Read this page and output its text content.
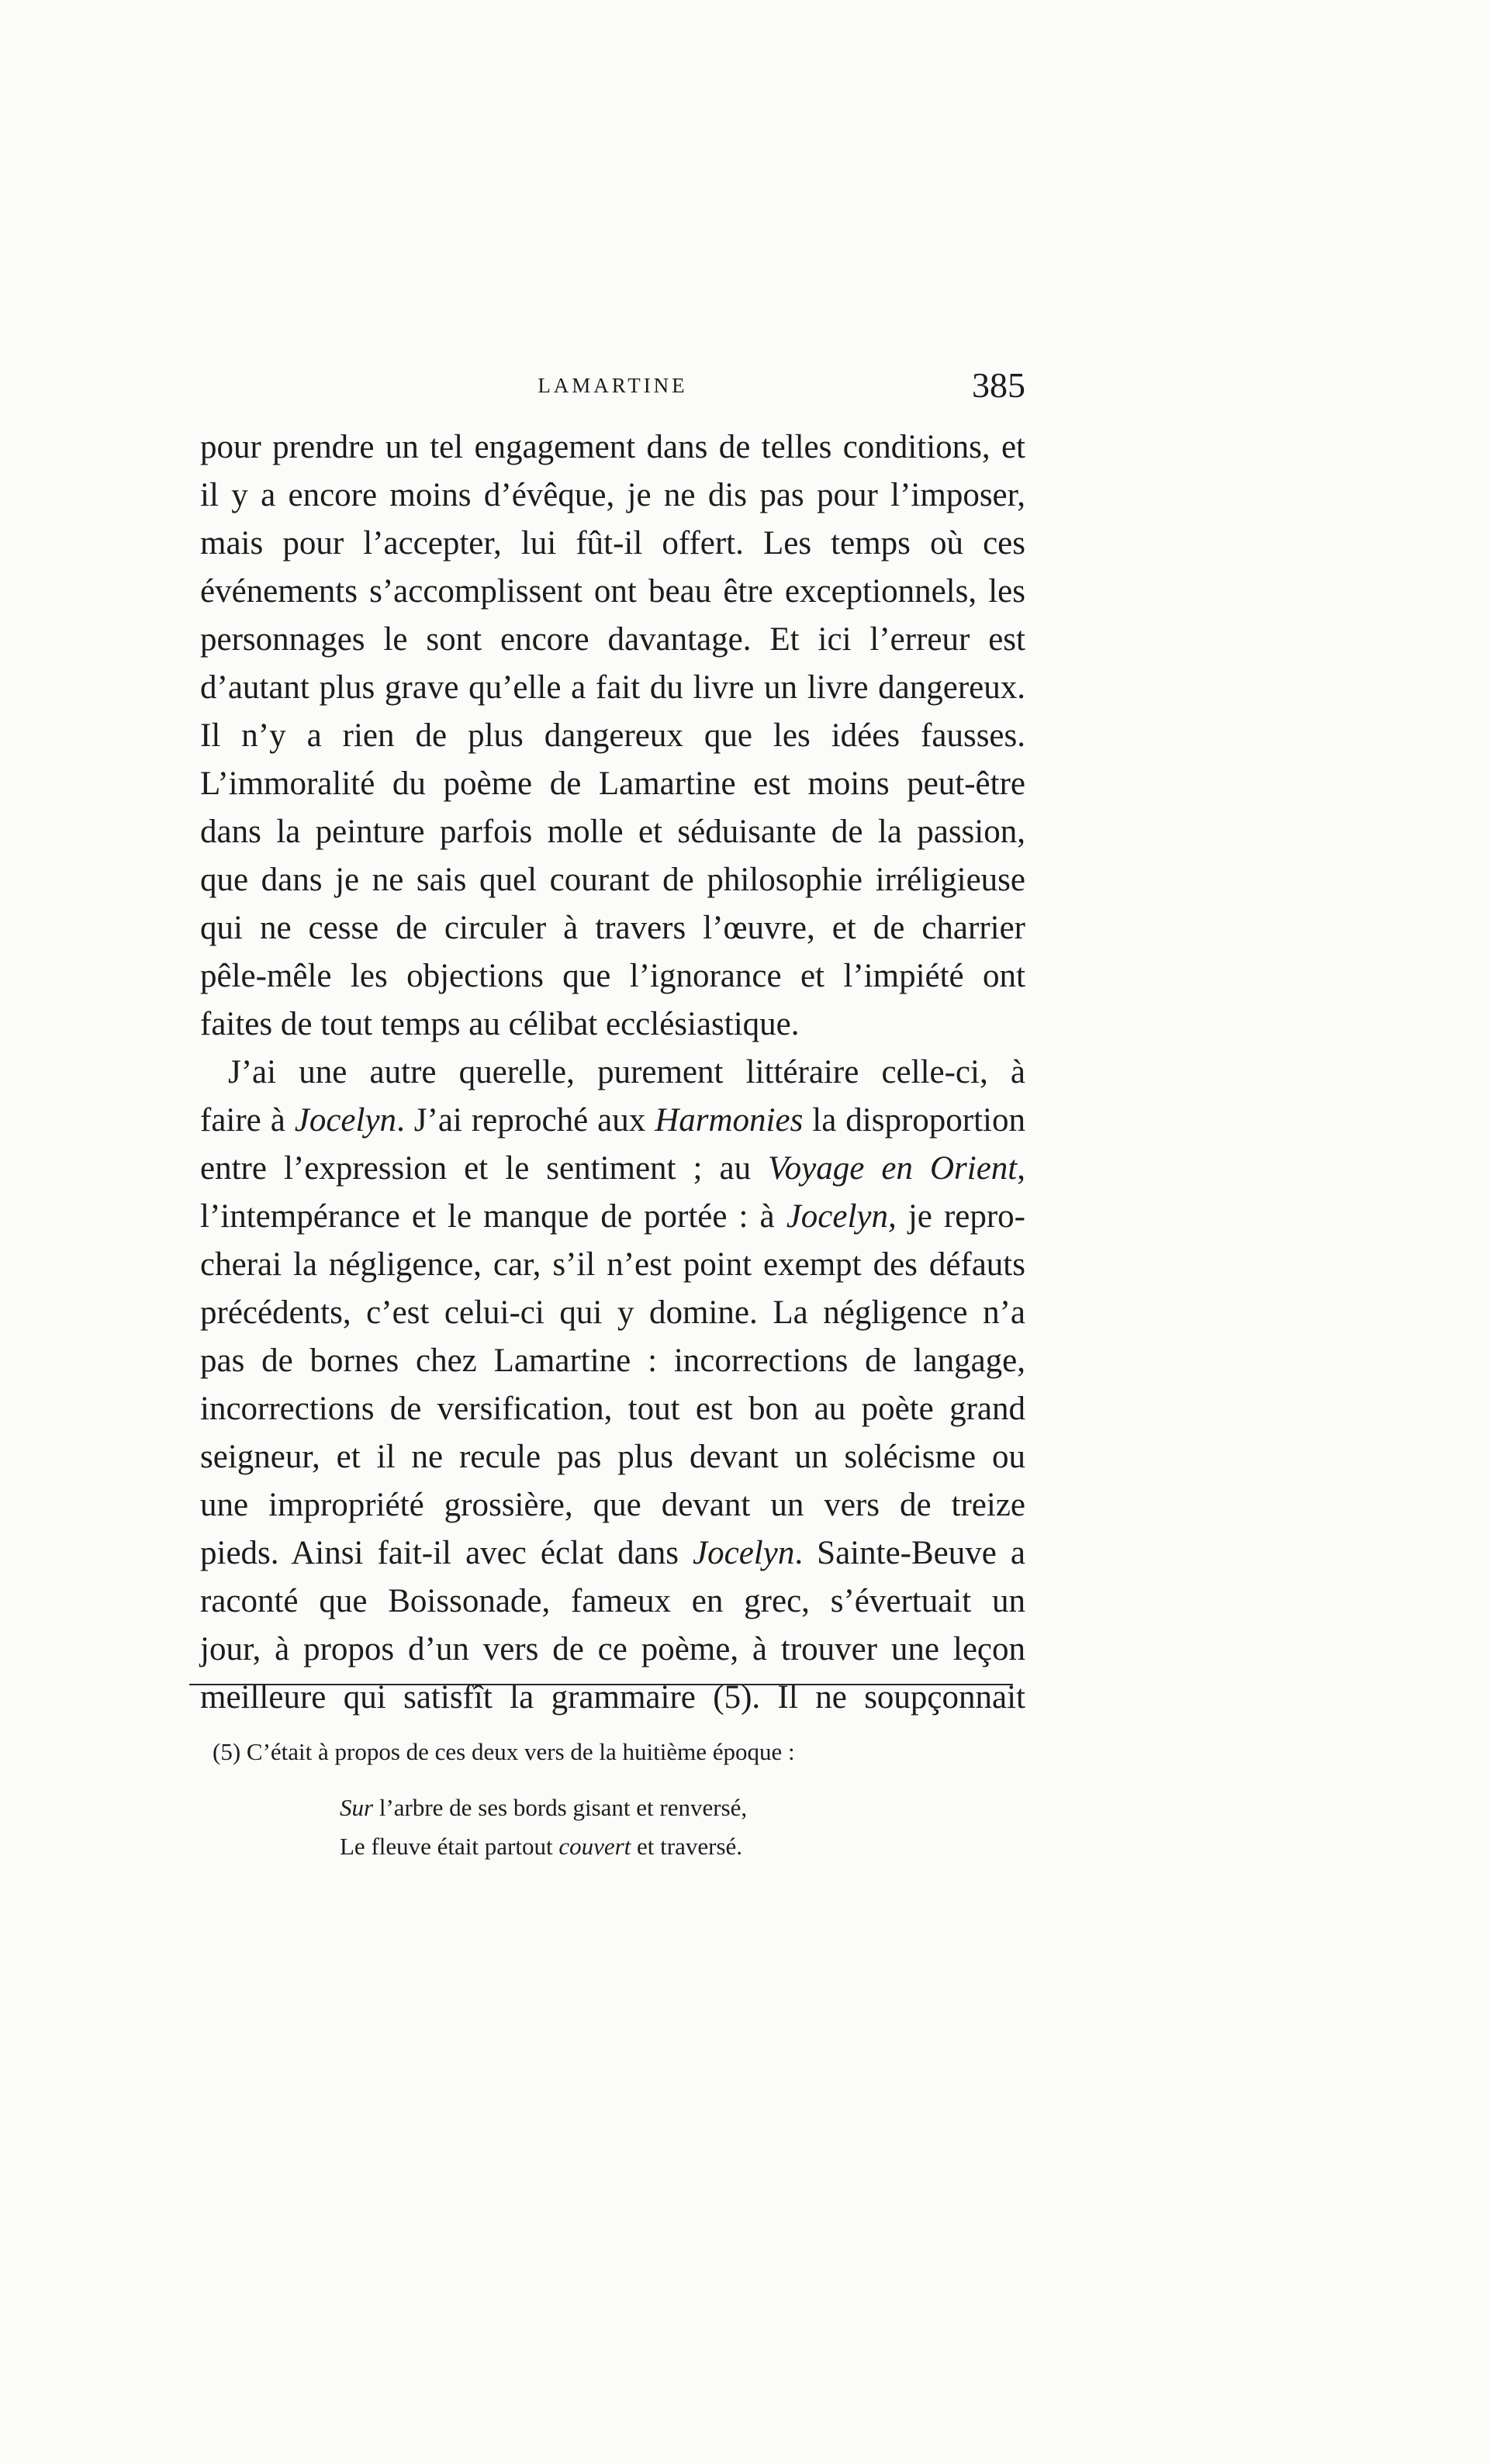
LAMARTINE	385
pour prendre un tel engagement dans de telles conditions, et
il y a encore moins d’évêque, je ne dis pas pour l’imposer,
mais pour l’accepter, lui fût-il offert. Les temps où ces
événements s’accomplissent ont beau être exceptionnels, les
personnages le sont encore davantage. Et ici l’erreur est
d’autant plus grave qu’elle a fait du livre un livre dangereux.
Il n’y a rien de plus dangereux que les idées fausses.
L’immoralité du poème de Lamartine est moins peut-être
dans la peinture parfois molle et séduisante de la passion,
que dans je ne sais quel courant de philosophie irréligieuse
qui ne cesse de circuler à travers l’œuvre, et de charrier
pêle-mêle les objections que l’ignorance et l’impiété ont
faites de tout temps au célibat ecclésiastique.
J’ai une autre querelle, purement littéraire celle-ci, à
faire à Jocelyn. J’ai reproché aux Harmonies la disproportion
entre l’expression et le sentiment ; au Voyage en Orient,
l’intempérance et le manque de portée : à Jocelyn, je repro-
cherai la négligence, car, s’il n’est point exempt des défauts
précédents, c’est celui-ci qui y domine. La négligence n’a
pas de bornes chez Lamartine : incorrections de langage,
incorrections de versification, tout est bon au poète grand
seigneur, et il ne recule pas plus devant un solécisme ou
une impropriété grossière, que devant un vers de treize
pieds. Ainsi fait-il avec éclat dans Jocelyn. Sainte-Beuve a
raconté que Boissonade, fameux en grec, s’évertuait un
jour, à propos d’un vers de ce poème, à trouver une leçon
meilleure qui satisfît la grammaire (5). Il ne soupçonnait
(5) C’était à propos de ces deux vers de la huitième époque :
Sur l’arbre de ses bords gisant et renversé,
Le fleuve était partout couvert et traversé.
